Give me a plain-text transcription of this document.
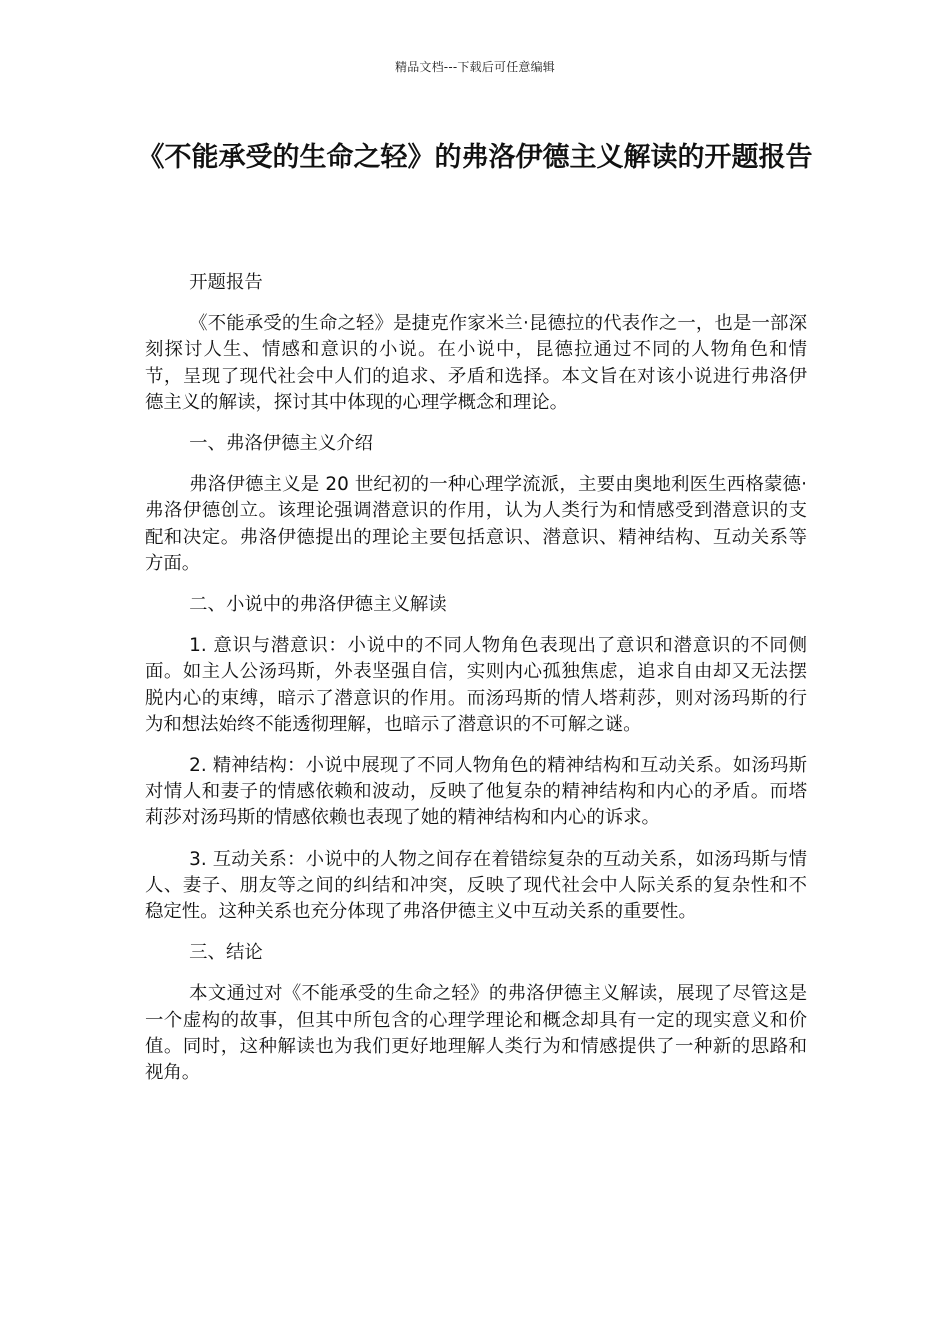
精品文档---下载后可任意编辑
《不能承受的生命之轻》的弗洛伊德主义解读的开题报告

开题报告

《不能承受的生命之轻》是捷克作家米兰·昆德拉的代表作之一，也是一部深刻探讨人生、情感和意识的小说。在小说中，昆德拉通过不同的人物角色和情节，呈现了现代社会中人们的追求、矛盾和选择。本文旨在对该小说进行弗洛伊德主义的解读，探讨其中体现的心理学概念和理论。

一、弗洛伊德主义介绍

弗洛伊德主义是 20 世纪初的一种心理学流派，主要由奥地利医生西格蒙德·弗洛伊德创立。该理论强调潜意识的作用，认为人类行为和情感受到潜意识的支配和决定。弗洛伊德提出的理论主要包括意识、潜意识、精神结构、互动关系等方面。

二、小说中的弗洛伊德主义解读

1. 意识与潜意识：小说中的不同人物角色表现出了意识和潜意识的不同侧面。如主人公汤玛斯，外表坚强自信，实则内心孤独焦虑，追求自由却又无法摆脱内心的束缚，暗示了潜意识的作用。而汤玛斯的情人塔莉莎，则对汤玛斯的行为和想法始终不能透彻理解，也暗示了潜意识的不可解之谜。

2. 精神结构：小说中展现了不同人物角色的精神结构和互动关系。如汤玛斯对情人和妻子的情感依赖和波动，反映了他复杂的精神结构和内心的矛盾。而塔莉莎对汤玛斯的情感依赖也表现了她的精神结构和内心的诉求。

3. 互动关系：小说中的人物之间存在着错综复杂的互动关系，如汤玛斯与情人、妻子、朋友等之间的纠结和冲突，反映了现代社会中人际关系的复杂性和不稳定性。这种关系也充分体现了弗洛伊德主义中互动关系的重要性。

三、结论

本文通过对《不能承受的生命之轻》的弗洛伊德主义解读，展现了尽管这是一个虚构的故事，但其中所包含的心理学理论和概念却具有一定的现实意义和价值。同时，这种解读也为我们更好地理解人类行为和情感提供了一种新的思路和视角。
